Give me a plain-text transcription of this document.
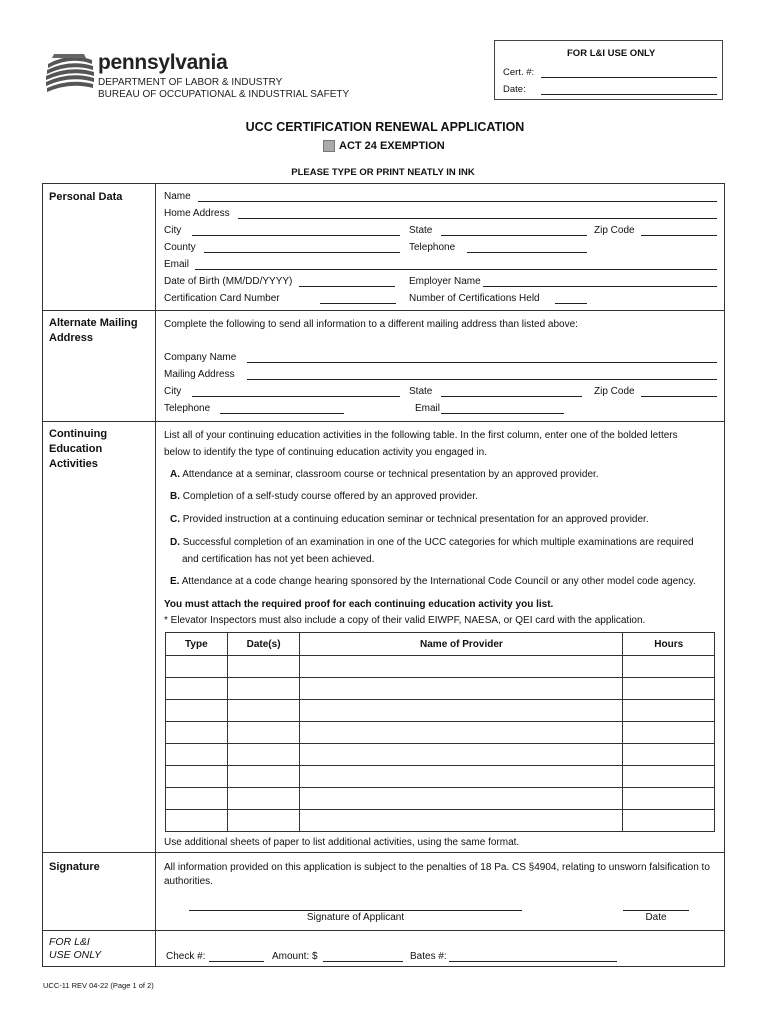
pennsylvania
DEPARTMENT OF LABOR & INDUSTRY
BUREAU OF OCCUPATIONAL & INDUSTRIAL SAFETY
FOR L&I USE ONLY
Cert. #:
Date:
UCC CERTIFICATION RENEWAL APPLICATION
ACT 24 EXEMPTION
PLEASE TYPE OR PRINT NEATLY IN INK
Personal Data	Name
Home Address
City	State	Zip Code
County	Telephone
Email
Date of Birth (MM/DD/YYYY)	Employer Name
Certification Card Number	Number of Certifications Held
Alternate Mailing Address
Complete the following to send all information to a different mailing address than listed above:
Company Name
Mailing Address
City	State	Zip Code
Telephone	Email
Continuing Education Activities
List all of your continuing education activities in the following table. In the first column, enter one of the bolded letters
below to identify the type of continuing education activity you engaged in.
A. Attendance at a seminar, classroom course or technical presentation by an approved provider.
B. Completion of a self-study course offered by an approved provider.
C. Provided instruction at a continuing education seminar or technical presentation for an approved provider.
D. Successful completion of an examination in one of the UCC categories for which multiple examinations are required
and certification has not yet been achieved.
E. Attendance at a code change hearing sponsored by the International Code Council or any other model code agency.
You must attach the required proof for each continuing education activity you list.
* Elevator Inspectors must also include a copy of their valid EIWPF, NAESA, or QEI card with the application.
Type	Date(s)	Name of Provider	Hours

Use additional sheets of paper to list additional activities, using the same format.
Signature	All information provided on this application is subject to the penalties of 18 Pa. CS §4904, relating to unsworn falsification to
authorities.
Signature of Applicant	Date
FOR L&I
USE ONLY	Check #:	Amount: $	Bates #:
UCC-11 REV 04-22 (Page 1 of 2)
